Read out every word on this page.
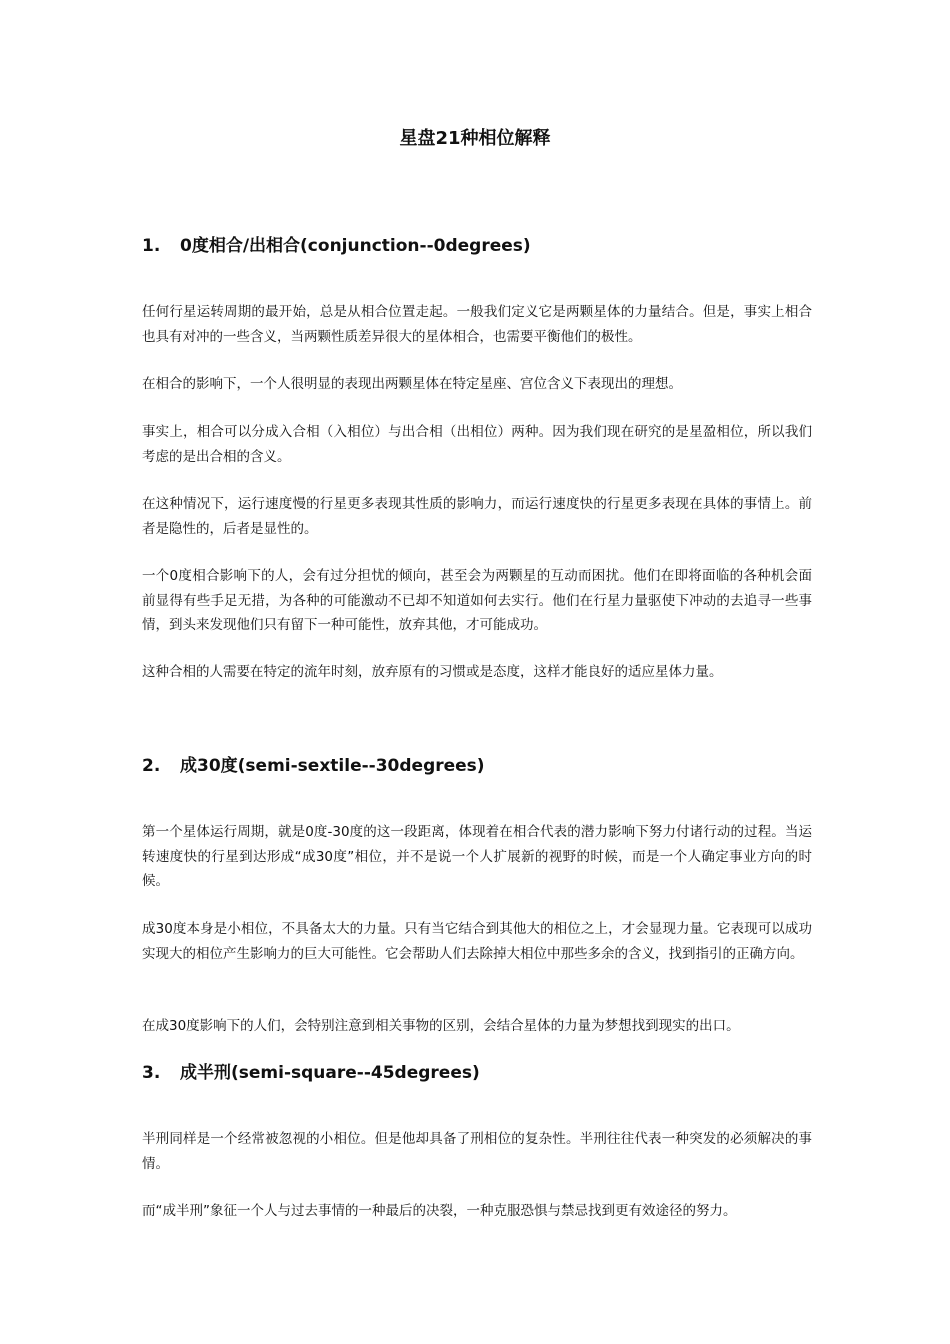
星盘21种相位解释
1. 0度相合/出相合(conjunction--0degrees)

任何行星运转周期的最开始，总是从相合位置走起。一般我们定义它是两颗星体的力量结合。但是，事实上相合也具有对冲的一些含义，当两颗性质差异很大的星体相合，也需要平衡他们的极性。

在相合的影响下，一个人很明显的表现出两颗星体在特定星座、宫位含义下表现出的理想。

事实上，相合可以分成入合相（入相位）与出合相（出相位）两种。因为我们现在研究的是星盈相位，所以我们考虑的是出合相的含义。

在这种情况下，运行速度慢的行星更多表现其性质的影响力，而运行速度快的行星更多表现在具体的事情上。前者是隐性的，后者是显性的。

一个0度相合影响下的人，会有过分担忧的倾向，甚至会为两颗星的互动而困扰。他们在即将面临的各种机会面前显得有些手足无措，为各种的可能激动不已却不知道如何去实行。他们在行星力量驱使下冲动的去追寻一些事情，到头来发现他们只有留下一种可能性，放弃其他，才可能成功。

这种合相的人需要在特定的流年时刻，放弃原有的习惯或是态度，这样才能良好的适应星体力量。

2. 成30度(semi-sextile--30degrees)

第一个星体运行周期，就是0度-30度的这一段距离，体现着在相合代表的潜力影响下努力付诸行动的过程。当运转速度快的行星到达形成“成30度”相位，并不是说一个人扩展新的视野的时候，而是一个人确定事业方向的时候。

成30度本身是小相位，不具备太大的力量。只有当它结合到其他大的相位之上，才会显现力量。它表现可以成功实现大的相位产生影响力的巨大可能性。它会帮助人们去除掉大相位中那些多余的含义，找到指引的正确方向。

在成30度影响下的人们，会特别注意到相关事物的区别，会结合星体的力量为梦想找到现实的出口。

3. 成半刑(semi-square--45degrees)

半刑同样是一个经常被忽视的小相位。但是他却具备了刑相位的复杂性。半刑往往代表一种突发的必须解决的事情。

而“成半刑”象征一个人与过去事情的一种最后的决裂，一种克服恐惧与禁忌找到更有效途径的努力。
